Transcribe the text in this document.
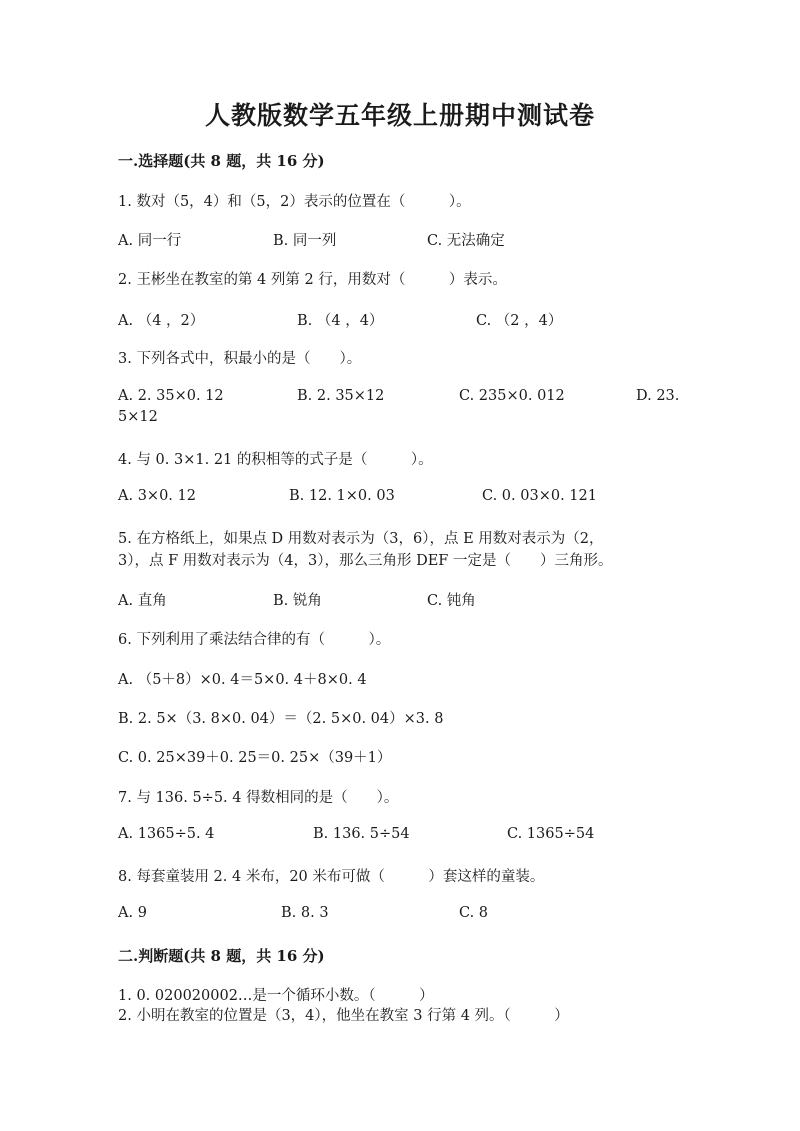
人教版数学五年级上册期中测试卷
一.选择题(共 8 题，共 16 分)
1. 数对（5，4）和（5，2）表示的位置在（　　　）。
A. 同一行	B. 同一列	C. 无法确定
2. 王彬坐在教室的第 4 列第 2 行，用数对（　　　）表示。
A. （4 ，2）	B. （4 ，4）	C. （2 ，4）
3. 下列各式中，积最小的是（　　）。
A. 2. 35×0. 12	B. 2. 35×12	C. 235×0. 012	D. 23.
5×12
4. 与 0. 3×1. 21 的积相等的式子是（　　　）。
A. 3×0. 12	B. 12. 1×0. 03	C. 0. 03×0. 121
5. 在方格纸上，如果点 D 用数对表示为（3，6），点 E 用数对表示为（2，
3），点 F 用数对表示为（4，3），那么三角形 DEF 一定是（　　）三角形。
A. 直角	B. 锐角	C. 钝角
6. 下列利用了乘法结合律的有（　　　）。
A. （5＋8）×0. 4＝5×0. 4＋8×0. 4
B. 2. 5×（3. 8×0. 04）＝（2. 5×0. 04）×3. 8
C. 0. 25×39＋0. 25＝0. 25×（39＋1）
7. 与 136. 5÷5. 4 得数相同的是（　　）。
A. 1365÷5. 4	B. 136. 5÷54	C. 1365÷54
8. 每套童装用 2. 4 米布，20 米布可做（　　　）套这样的童装。
A. 9	B. 8. 3	C. 8
二.判断题(共 8 题，共 16 分)
1. 0. 020020002…是一个循环小数。（　　　）
2. 小明在教室的位置是（3，4），他坐在教室 3 行第 4 列。（　　　）
